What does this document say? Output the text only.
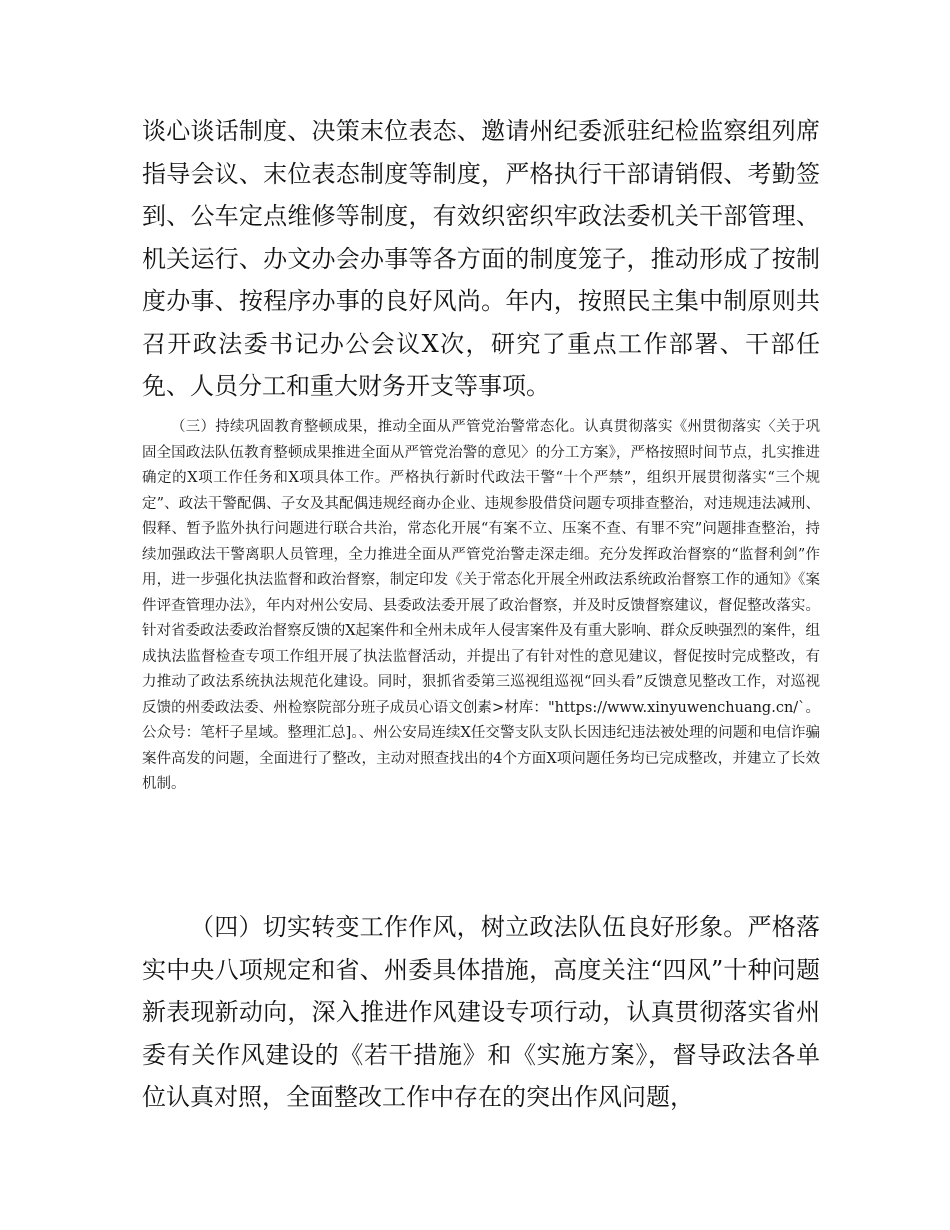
谈心谈话制度、决策末位表态、邀请州纪委派驻纪检监察组列席指导会议、末位表态制度等制度，严格执行干部请销假、考勤签到、公车定点维修等制度，有效织密织牢政法委机关干部管理、机关运行、办文办会办事等各方面的制度笼子，推动形成了按制度办事、按程序办事的良好风尚。年内，按照民主集中制原则共召开政法委书记办公会议X次，研究了重点工作部署、干部任免、人员分工和重大财务开支等事项。

（三）持续巩固教育整顿成果，推动全面从严管党治警常态化。认真贯彻落实《州贯彻落实〈关于巩固全国政法队伍教育整顿成果推进全面从严管党治警的意见〉的分工方案》，严格按照时间节点，扎实推进确定的X项工作任务和X项具体工作。严格执行新时代政法干警“十个严禁”，组织开展贯彻落实“三个规定”、政法干警配偶、子女及其配偶违规经商办企业、违规参股借贷问题专项排查整治，对违规违法减刑、假释、暂予监外执行问题进行联合共治，常态化开展“有案不立、压案不查、有罪不究”问题排查整治，持续加强政法干警离职人员管理，全力推进全面从严管党治警走深走细。充分发挥政治督察的“监督利剑”作用，进一步强化执法监督和政治督察，制定印发《关于常态化开展全州政法系统政治督察工作的通知》《案件评查管理办法》，年内对州公安局、县委政法委开展了政治督察，并及时反馈督察建议，督促整改落实。针对省委政法委政治督察反馈的X起案件和全州未成年人侵害案件及有重大影响、群众反映强烈的案件，组成执法监督检查专项工作组开展了执法监督活动，并提出了有针对性的意见建议，督促按时完成整改，有力推动了政法系统执法规范化建设。同时，狠抓省委第三巡视组巡视“回头看”反馈意见整改工作，对巡视反馈的州委政法委、州检察院部分班子成员心语文创素>材库："https://www.xinyuwenchuang.cn/`。公众号：笔杆子星域。整理汇总]。、州公安局连续X任交警支队支队长因违纪违法被处理的问题和电信诈骗案件高发的问题，全面进行了整改，主动对照查找出的4个方面X项问题任务均已完成整改，并建立了长效机制。

（四）切实转变工作作风，树立政法队伍良好形象。严格落实中央八项规定和省、州委具体措施，高度关注“四风”十种问题新表现新动向，深入推进作风建设专项行动，认真贯彻落实省州委有关作风建设的《若干措施》和《实施方案》，督导政法各单位认真对照，全面整改工作中存在的突出作风问题，
